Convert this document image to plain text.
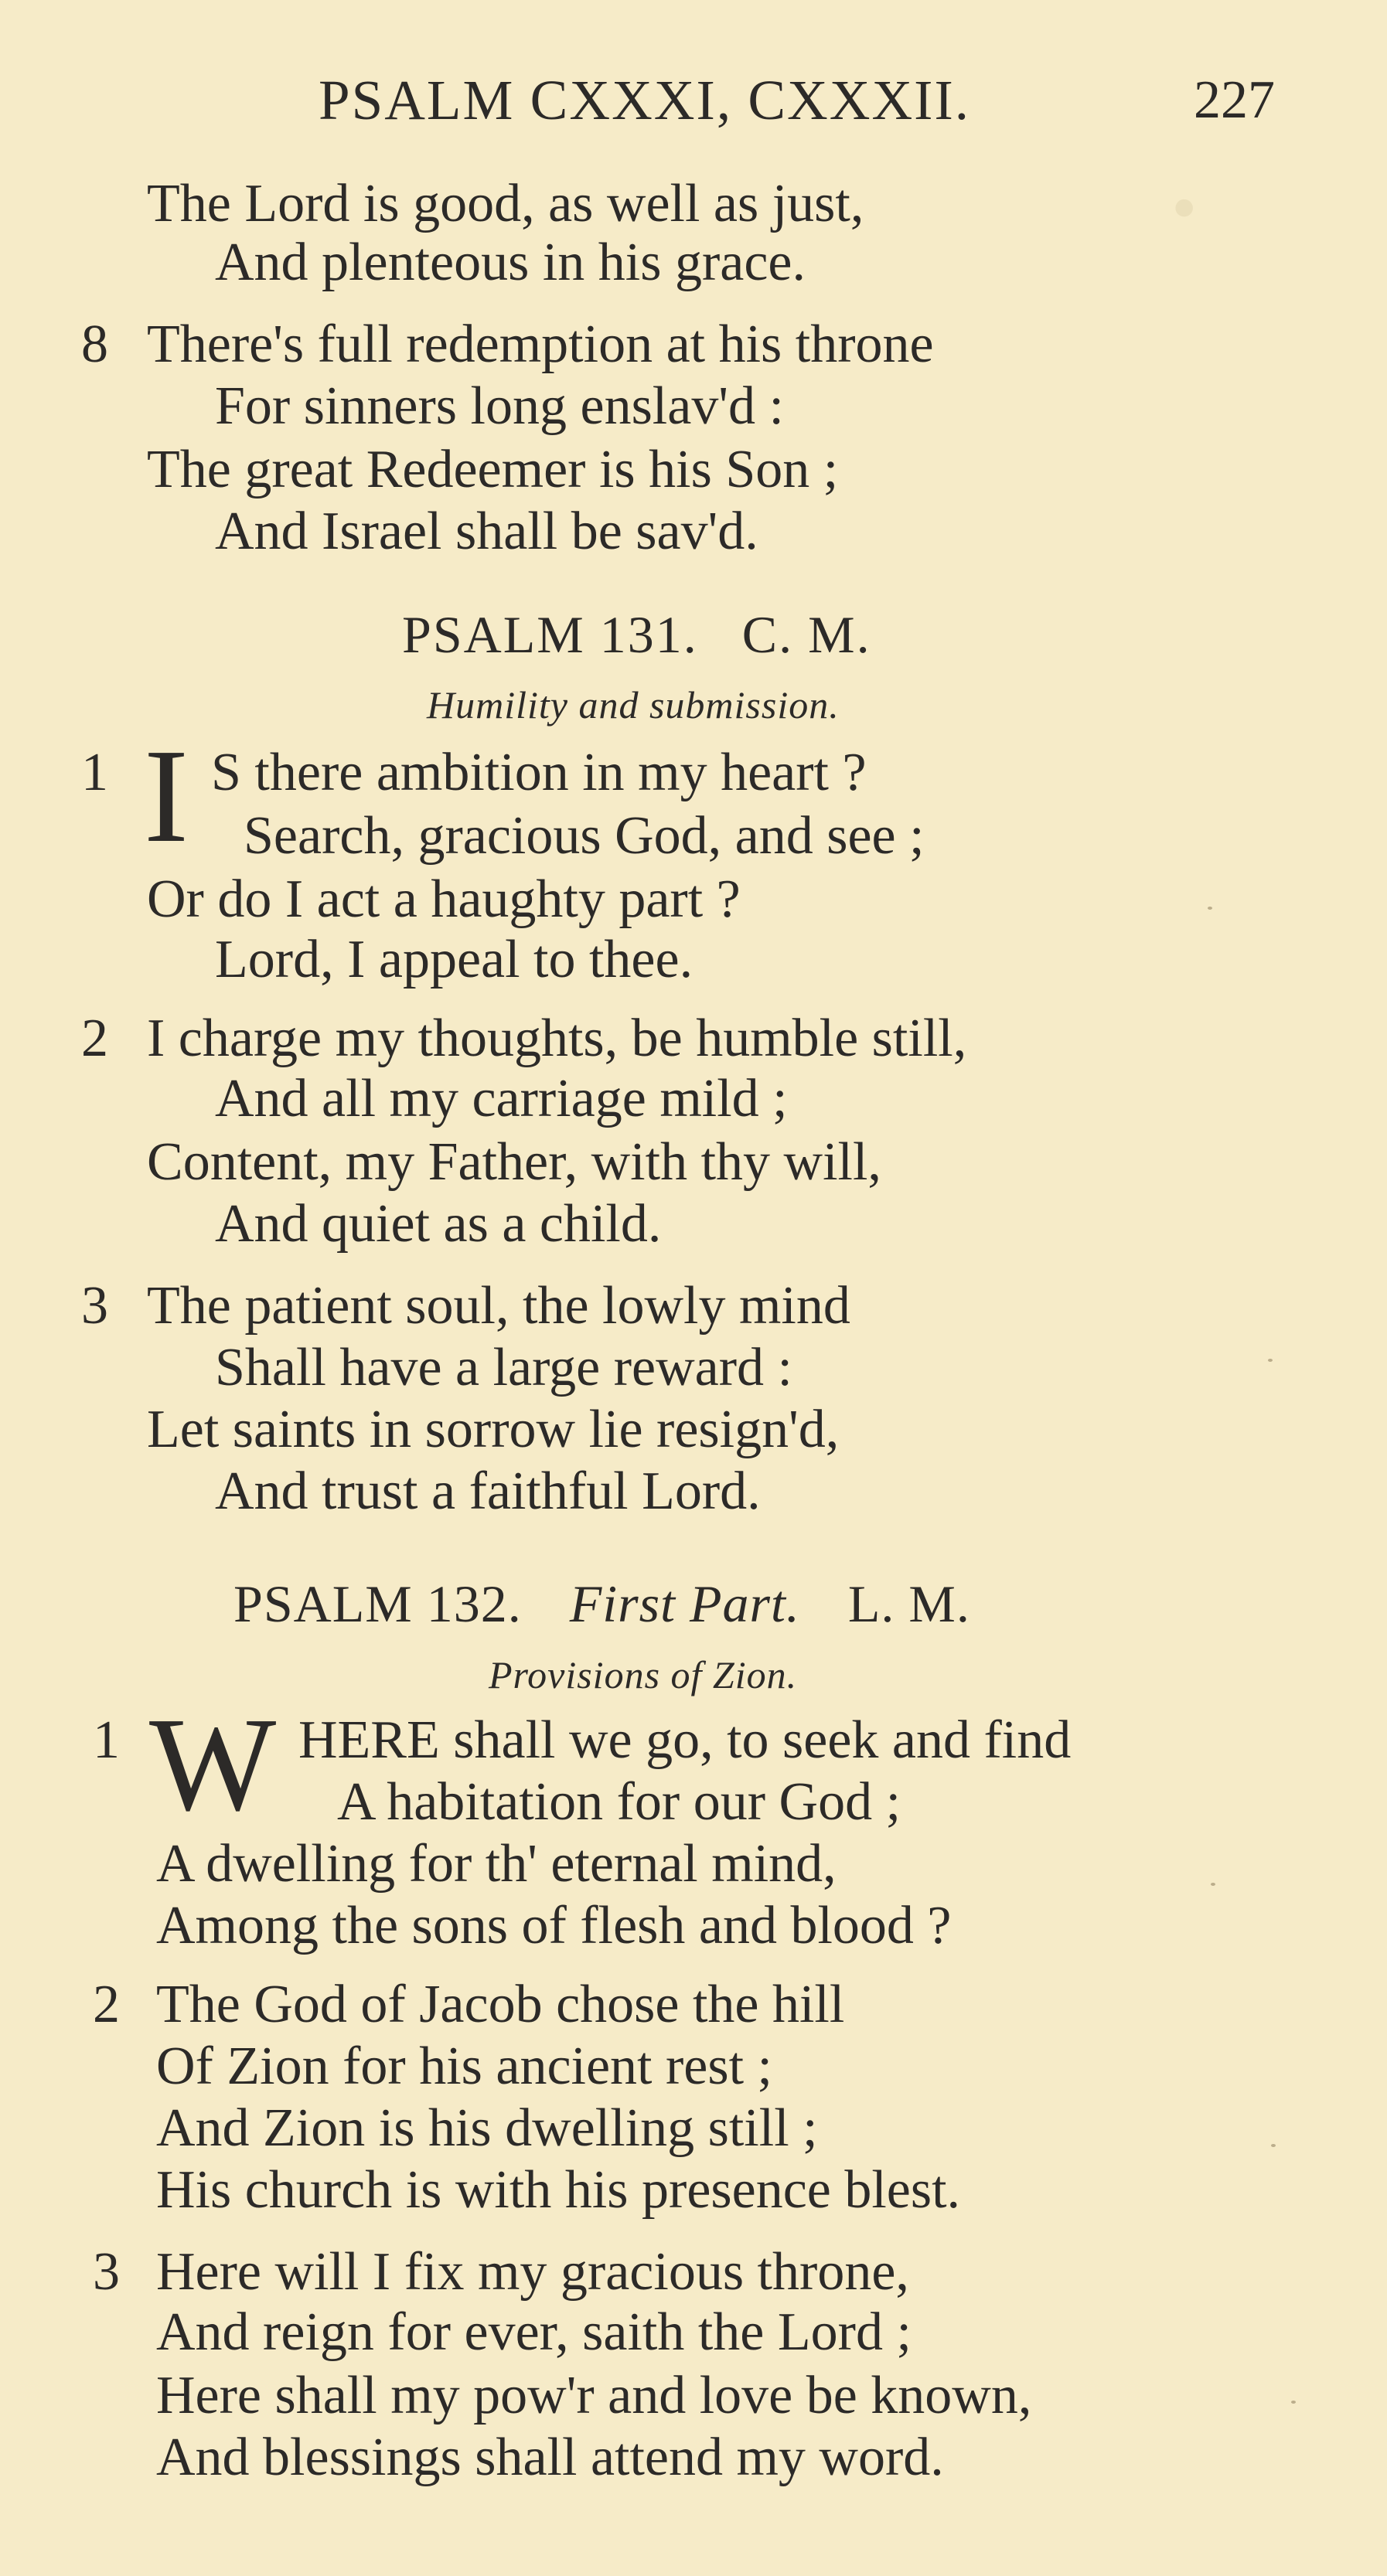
·
PSALM CXXXI, CXXXII.	227
The Lord is good, as well as just,
And plenteous in his grace.
8 There's full redemption at his throne
For sinners long enslav'd :
The great Redeemer is his Son ;
And Israel shall be sav'd.
PSALM 131.   C. M.
Humility and submission.
1 I S there ambition in my heart ?
Search, gracious God, and see ;
Or do I act a haughty part ?
Lord, I appeal to thee.
2 I charge my thoughts, be humble still,
And all my carriage mild ;
Content, my Father, with thy will,
And quiet as a child.
3 The patient soul, the lowly mind
Shall have a large reward :
Let saints in sorrow lie resign'd,
And trust a faithful Lord.
PSALM 132. First Part. L. M.
Provisions of Zion.
1 W HERE shall we go, to seek and find
A habitation for our God ;
A dwelling for th' eternal mind,
Among the sons of flesh and blood ?
2 The God of Jacob chose the hill
Of Zion for his ancient rest ;
And Zion is his dwelling still ;
His church is with his presence blest.
3 Here will I fix my gracious throne,
And reign for ever, saith the Lord ;
Here shall my pow'r and love be known,
And blessings shall attend my word.
